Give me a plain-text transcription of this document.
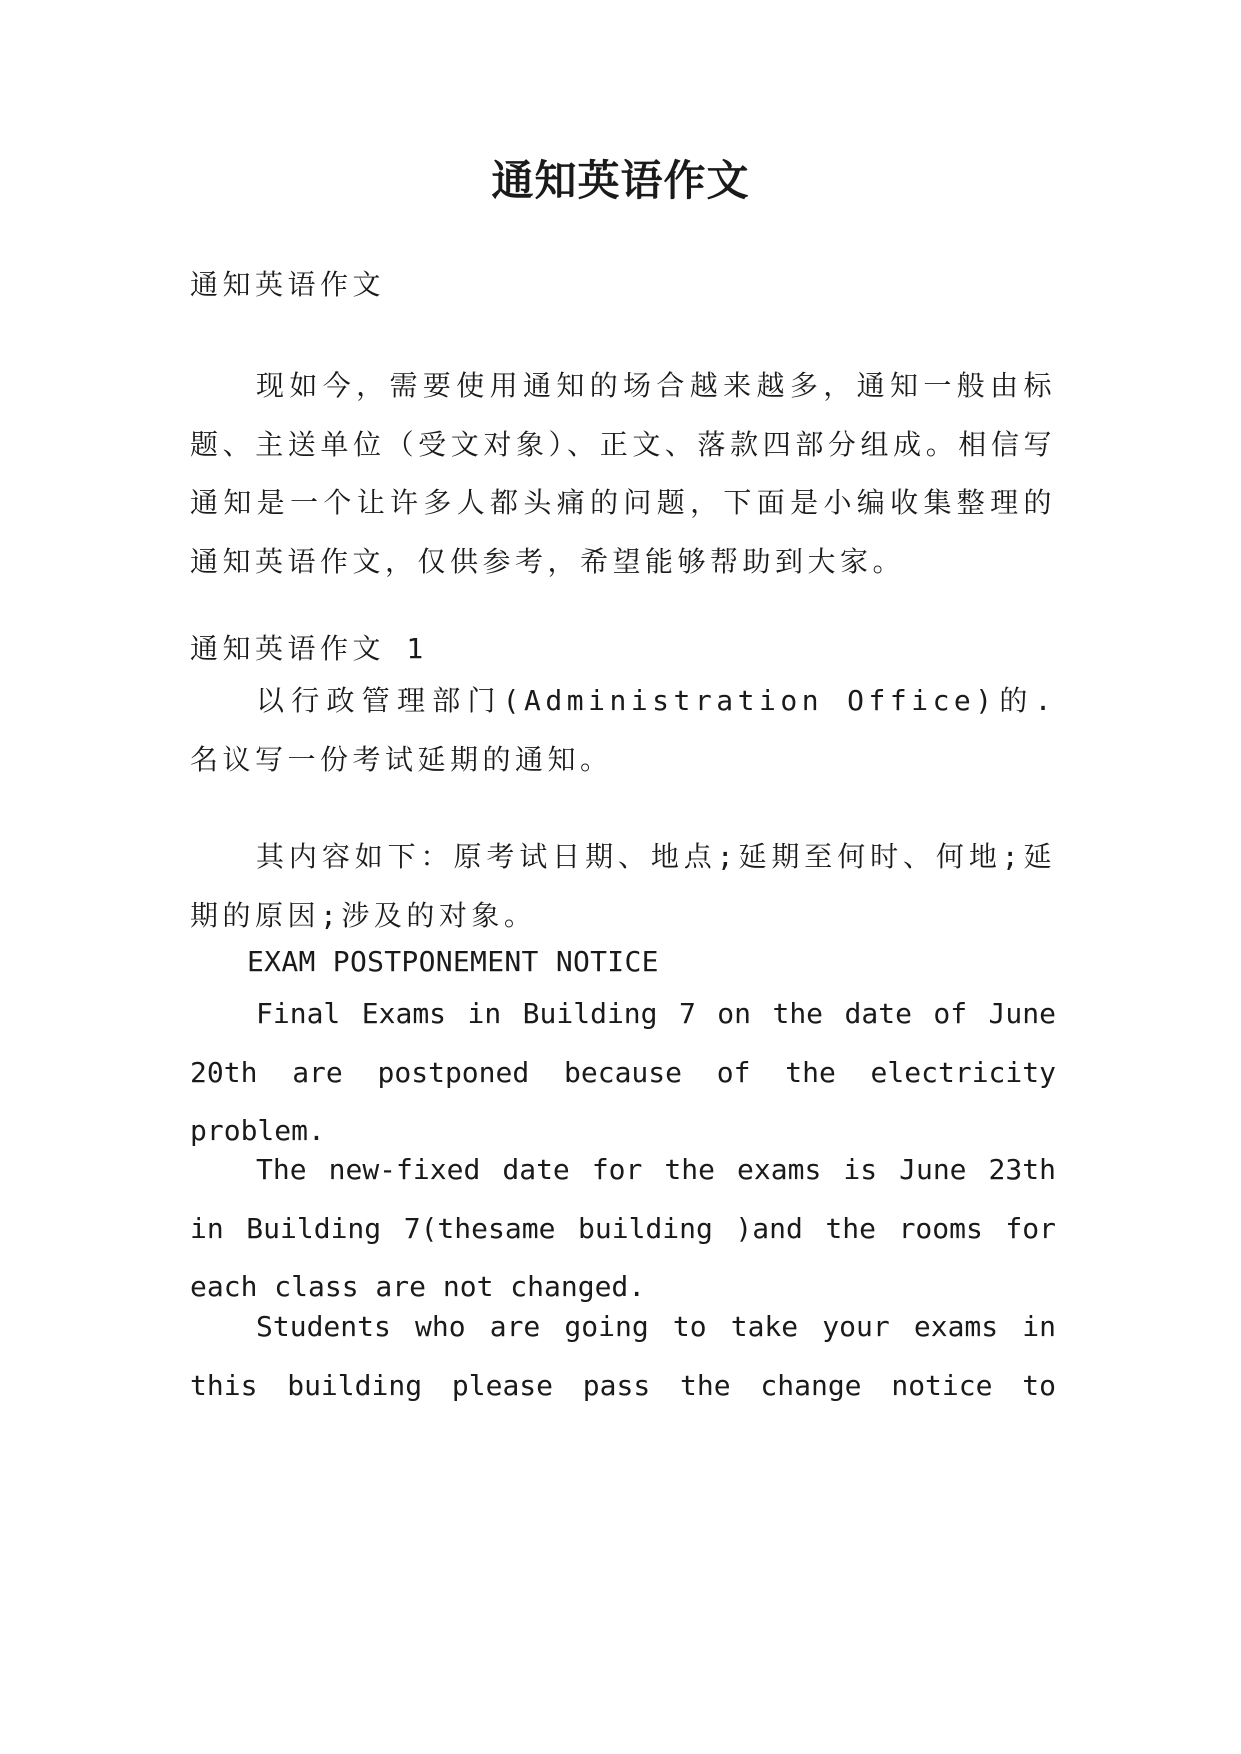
通知英语作文

通知英语作文

现如今，需要使用通知的场合越来越多，通知一般由标题、主送单位（受文对象）、正文、落款四部分组成。相信写通知是一个让许多人都头痛的问题，下面是小编收集整理的通知英语作文，仅供参考，希望能够帮助到大家。

通知英语作文 1

以行政管理部门(Administration Office)的.名议写一份考试延期的通知。

其内容如下：原考试日期、地点;延期至何时、何地;延期的原因;涉及的对象。

EXAM POSTPONEMENT NOTICE

Final Exams in Building 7 on the date of June 20th are postponed because of the electricity problem.

The new-fixed date for the exams is June 23th in Building 7(thesame building )and the rooms for each class are not changed.

Students who are going to take your exams in this building please pass the change notice to
